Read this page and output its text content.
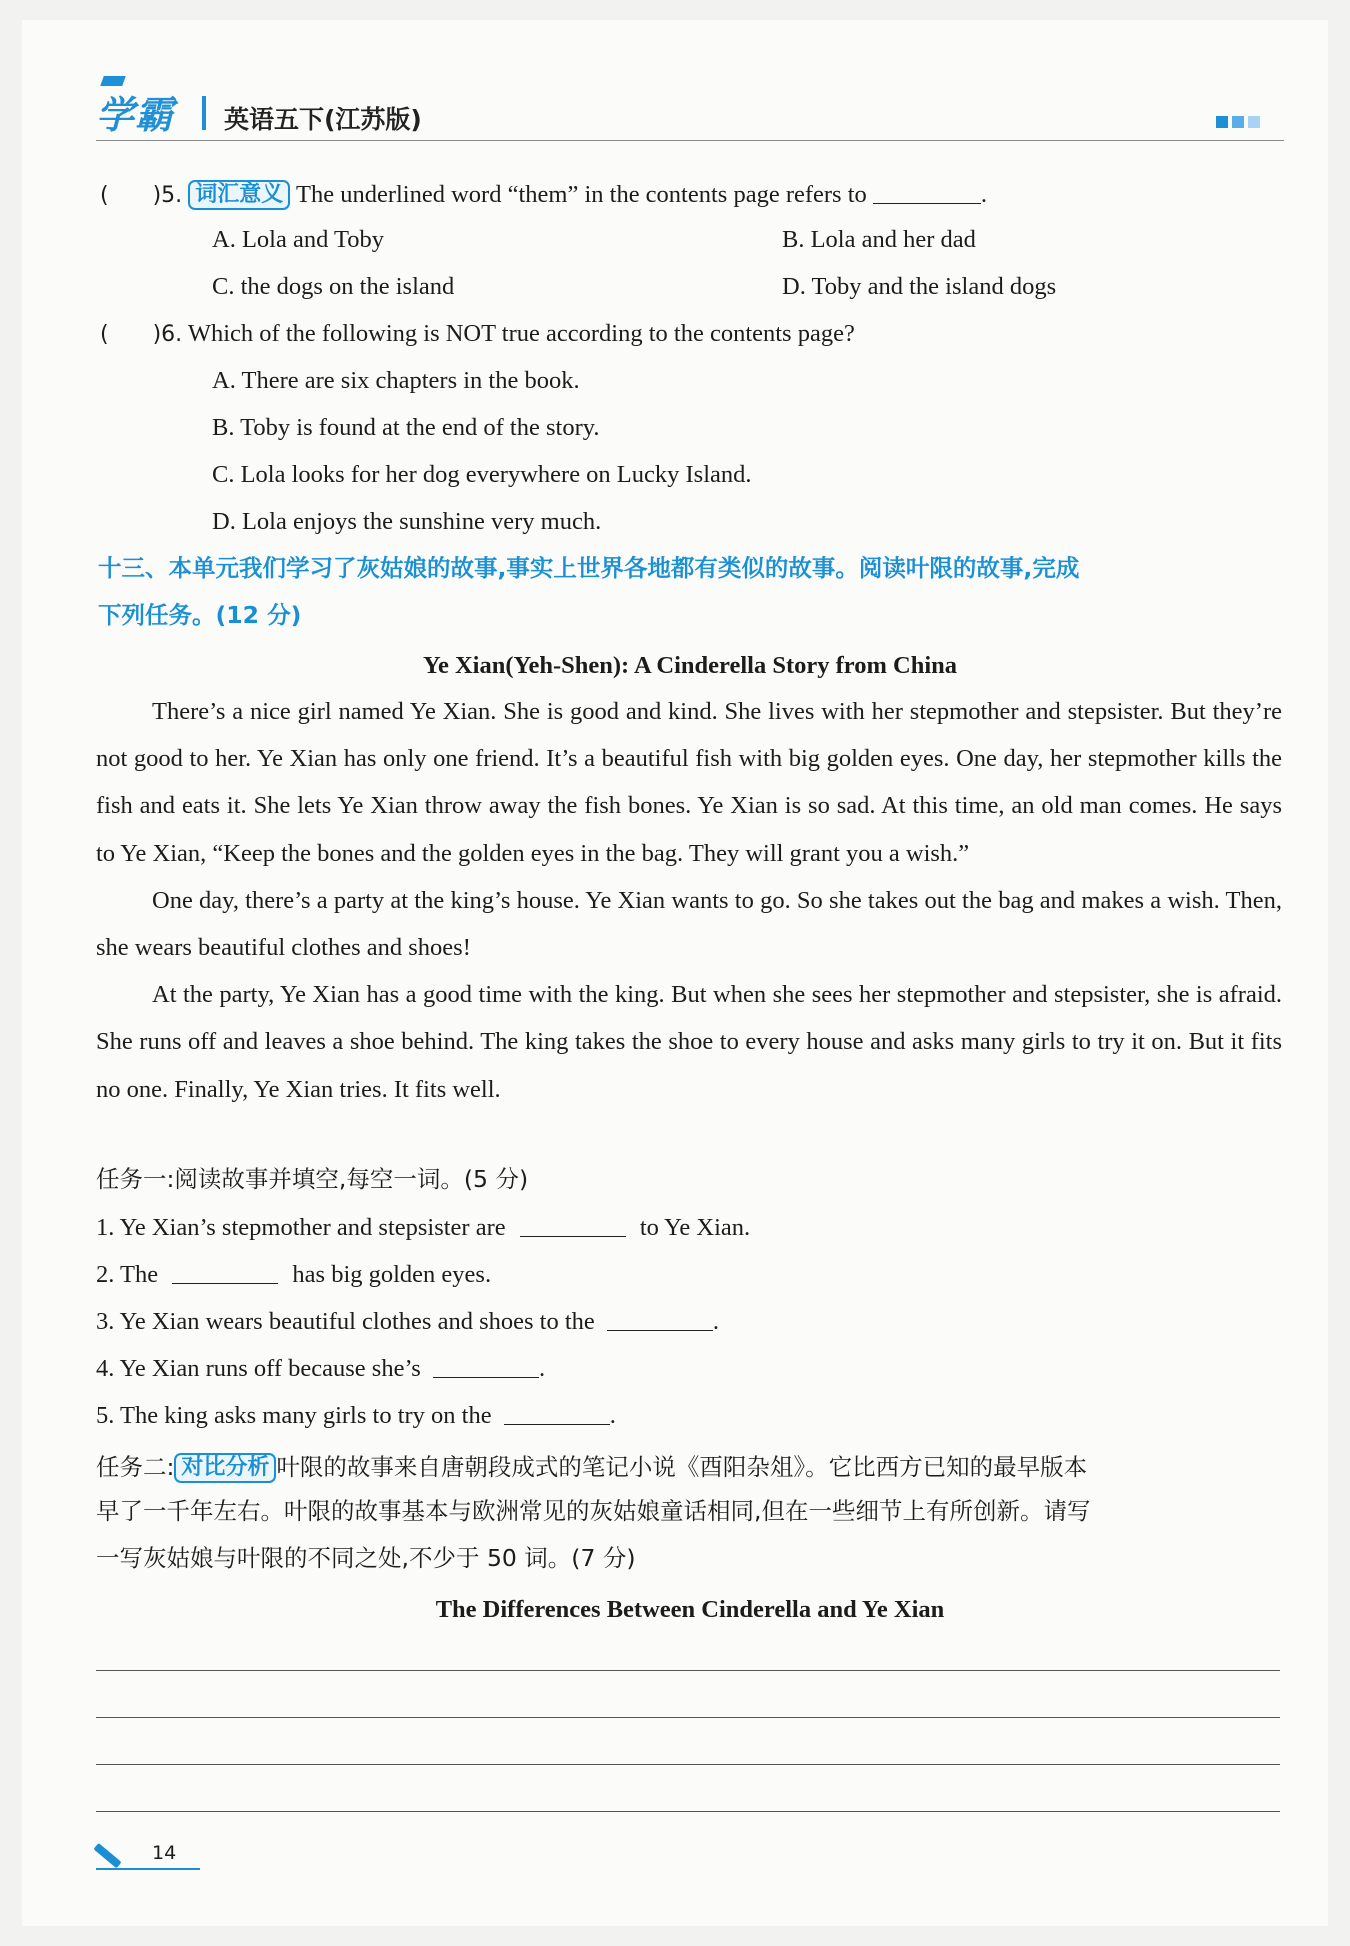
学霸 英语五下(江苏版)
(　　)5. 词汇意义 The underlined word “them” in the contents page refers to	.
A. Lola and Toby	B. Lola and her dad
C. the dogs on the island	D. Toby and the island dogs
(　　)6. Which of the following is NOT true according to the contents page?
A. There are six chapters in the book.
B. Toby is found at the end of the story.
C. Lola looks for her dog everywhere on Lucky Island.
D. Lola enjoys the sunshine very much.
十三、本单元我们学习了灰姑娘的故事,事实上世界各地都有类似的故事。阅读叶限的故事,完成
下列任务。(12 分)
Ye Xian(Yeh-Shen): A Cinderella Story from China

There’s a nice girl named Ye Xian. She is good and kind. She lives with her stepmother and stepsister. But they’re not good to her. Ye Xian has only one friend. It’s a beautiful fish with big golden eyes. One day, her stepmother kills the fish and eats it. She lets Ye Xian throw away the fish bones. Ye Xian is so sad. At this time, an old man comes. He says to Ye Xian, “Keep the bones and the golden eyes in the bag. They will grant you a wish.”

One day, there’s a party at the king’s house. Ye Xian wants to go. So she takes out the bag and makes a wish. Then, she wears beautiful clothes and shoes!

At the party, Ye Xian has a good time with the king. But when she sees her stepmother and stepsister, she is afraid. She runs off and leaves a shoe behind. The king takes the shoe to every house and asks many girls to try it on. But it fits no one. Finally, Ye Xian tries. It fits well.

任务一:阅读故事并填空,每空一词。(5 分)
1. Ye Xian’s stepmother and stepsister are	to Ye Xian.
2. The	has big golden eyes.
3. Ye Xian wears beautiful clothes and shoes to the	.
4. Ye Xian runs off because she’s	.
5. The king asks many girls to try on the	.
任务二: 对比分析 叶限的故事来自唐朝段成式的笔记小说《酉阳杂俎》。它比西方已知的最早版本
早了一千年左右。叶限的故事基本与欧洲常见的灰姑娘童话相同,但在一些细节上有所创新。请写
一写灰姑娘与叶限的不同之处,不少于 50 词。(7 分)
The Differences Between Cinderella and Ye Xian
14
